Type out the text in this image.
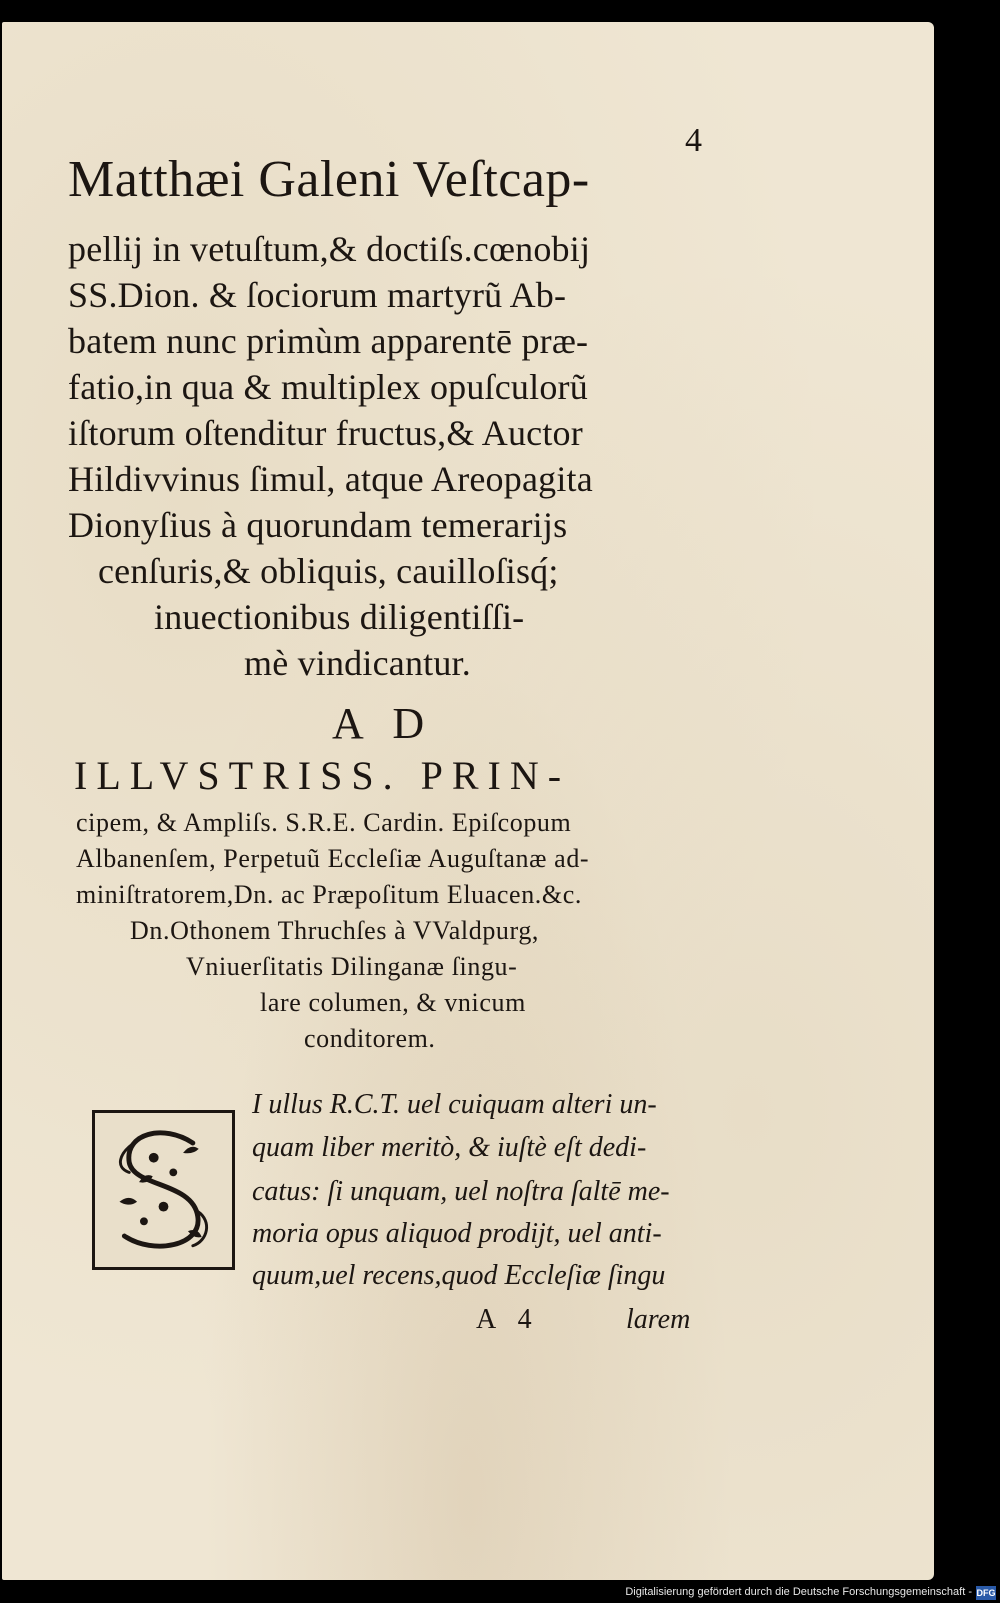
4
Matthæi Galeni Veſtcap-
pellij in vetuſtum,& doctiſs.cœnobij
SS.Dion. & ſociorum martyrũ Ab-
batem nunc primùm apparentē præ-
fatio,in qua & multiplex opuſculorũ
iſtorum oſtenditur fructus,& Auctor
Hildivvinus ſimul, atque Areopagita
Dionyſius à quorundam temerarijs
cenſuris,& obliquis, cauilloſisq́;
inuectionibus diligentiſſi-
mè vindicantur.
A D
ILLVSTRISS. PRIN-
cipem, & Ampliſs. S.R.E. Cardin. Epiſcopum
Albanenſem, Perpetuũ Eccleſiæ Auguſtanæ ad-
miniſtratorem,Dn. ac Præpoſitum Eluacen.&c.
Dn.Othonem Thruchſes à VValdpurg,
Vniuerſitatis Dilinganæ ſingu-
lare columen, & vnicum
conditorem.
I ullus R.C.T. uel cuiquam alteri un-
quam liber meritò, & iuſtè eſt dedi-
catus: ſi unquam, uel noſtra ſaltē me-
moria opus aliquod prodijt, uel anti-
quum,uel recens,quod Eccleſiæ ſingu
A 4	larem
Digitalisierung gefördert durch die Deutsche Forschungsgemeinschaft - DFG
